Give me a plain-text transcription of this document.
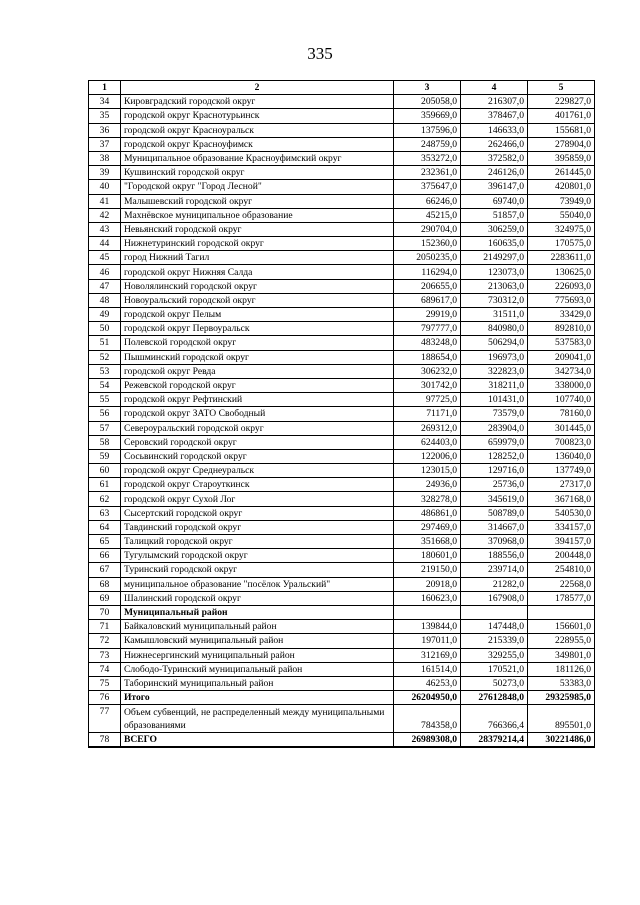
335
1	2	3	4	5
34	Кировградский городской округ	205058,0	216307,0	229827,0
35	городской округ Краснотурьинск	359669,0	378467,0	401761,0
36	городской округ Красноуральск	137596,0	146633,0	155681,0
37	городской округ Красноуфимск	248759,0	262466,0	278904,0
38	Муниципальное образование Красноуфимский округ	353272,0	372582,0	395859,0
39	Кушвинский городской округ	232361,0	246126,0	261445,0
40	"Городской округ "Город Лесной"	375647,0	396147,0	420801,0
41	Малышевский городской округ	66246,0	69740,0	73949,0
42	Махнёвское муниципальное образование	45215,0	51857,0	55040,0
43	Невьянский городской округ	290704,0	306259,0	324975,0
44	Нижнетуринский городской округ	152360,0	160635,0	170575,0
45	город Нижний Тагил	2050235,0	2149297,0	2283611,0
46	городской округ Нижняя Салда	116294,0	123073,0	130625,0
47	Новолялинский городской округ	206655,0	213063,0	226093,0
48	Новоуральский городской округ	689617,0	730312,0	775693,0
49	городской округ Пелым	29919,0	31511,0	33429,0
50	городской округ Первоуральск	797777,0	840980,0	892810,0
51	Полевской городской округ	483248,0	506294,0	537583,0
52	Пышминский городской округ	188654,0	196973,0	209041,0
53	городской округ Ревда	306232,0	322823,0	342734,0
54	Режевской городской округ	301742,0	318211,0	338000,0
55	городской округ Рефтинский	97725,0	101431,0	107740,0
56	городской округ ЗАТО Свободный	71171,0	73579,0	78160,0
57	Североуральский городской округ	269312,0	283904,0	301445,0
58	Серовский городской округ	624403,0	659979,0	700823,0
59	Сосьвинский городской округ	122006,0	128252,0	136040,0
60	городской округ Среднеуральск	123015,0	129716,0	137749,0
61	городской округ Староуткинск	24936,0	25736,0	27317,0
62	городской округ Сухой Лог	328278,0	345619,0	367168,0
63	Сысертский городской округ	486861,0	508789,0	540530,0
64	Тавдинский городской округ	297469,0	314667,0	334157,0
65	Талицкий городской округ	351668,0	370968,0	394157,0
66	Тугулымский городской округ	180601,0	188556,0	200448,0
67	Туринский городской округ	219150,0	239714,0	254810,0
68	муниципальное образование "посёлок Уральский"	20918,0	21282,0	22568,0
69	Шалинский городской округ	160623,0	167908,0	178577,0
70	Муниципальный район			
71	Байкаловский муниципальный район	139844,0	147448,0	156601,0
72	Камышловский муниципальный район	197011,0	215339,0	228955,0
73	Нижнесергинский муниципальный район	312169,0	329255,0	349801,0
74	Слободо-Туринский муниципальный район	161514,0	170521,0	181126,0
75	Таборинский муниципальный район	46253,0	50273,0	53383,0
76	Итого	26204950,0	27612848,0	29325985,0
77	Объем субвенций, не распределенный между муниципальными образованиями	784358,0	766366,4	895501,0
78	ВСЕГО	26989308,0	28379214,4	30221486,0
